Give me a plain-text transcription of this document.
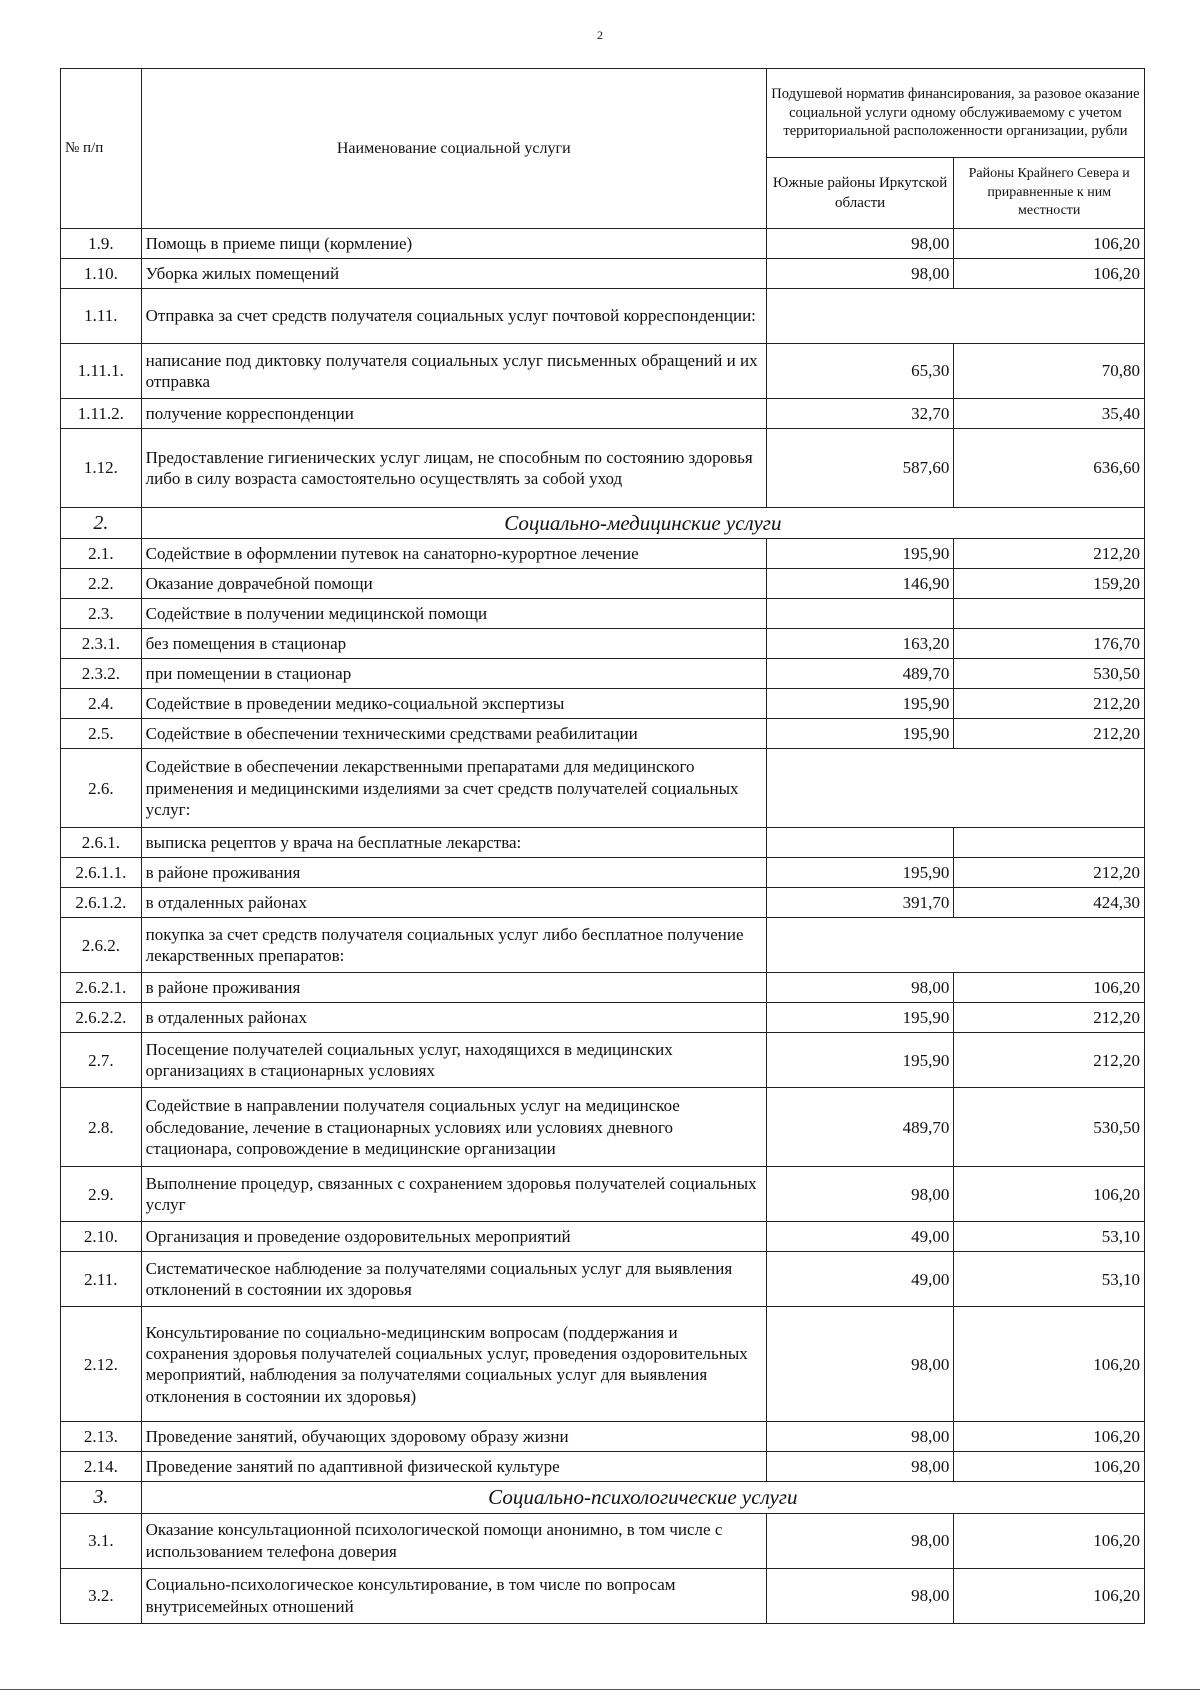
2
№ п/п	Наименование социальной услуги	Подушевой норматив финансирования, за разовое оказание социальной услуги одному обслуживаемому с учетом территориальной расположенности организации, рубли	
		Южные районы Иркутской области	Районы Крайнего Севера и приравненные к ним местности
1.9.	Помощь в приеме пищи (кормление)	98,00	106,20
1.10.	Уборка жилых помещений	98,00	106,20
1.11.	Отправка за счет средств получателя социальных услуг почтовой корреспонденции:		
1.11.1.	написание под диктовку получателя социальных услуг письменных обращений и их отправка	65,30	70,80
1.11.2.	получение корреспонденции	32,70	35,40
1.12.	Предоставление гигиенических услуг лицам, не способным по состоянию здоровья либо в силу возраста самостоятельно осуществлять за собой уход	587,60	636,60
2.	Социально-медицинские услуги		
2.1.	Содействие в оформлении путевок на санаторно-курортное лечение	195,90	212,20
2.2.	Оказание доврачебной помощи	146,90	159,20
2.3.	Содействие в получении медицинской помощи		
2.3.1.	без помещения в стационар	163,20	176,70
2.3.2.	при помещении в стационар	489,70	530,50
2.4.	Содействие в проведении медико-социальной экспертизы	195,90	212,20
2.5.	Содействие в обеспечении техническими средствами реабилитации	195,90	212,20
2.6.	Содействие в обеспечении лекарственными препаратами для медицинского применения и медицинскими изделиями за счет средств получателей социальных услуг:		
2.6.1.	выписка рецептов у врача на бесплатные лекарства:		
2.6.1.1.	в районе проживания	195,90	212,20
2.6.1.2.	в отдаленных районах	391,70	424,30
2.6.2.	покупка за счет средств получателя социальных услуг либо бесплатное получение лекарственных препаратов:		
2.6.2.1.	в районе проживания	98,00	106,20
2.6.2.2.	в отдаленных районах	195,90	212,20
2.7.	Посещение получателей социальных услуг, находящихся в медицинских организациях в стационарных условиях	195,90	212,20
2.8.	Содействие в направлении получателя социальных услуг на медицинское обследование, лечение в стационарных условиях или условиях дневного стационара, сопровождение в медицинские организации	489,70	530,50
2.9.	Выполнение процедур, связанных с сохранением здоровья получателей социальных услуг	98,00	106,20
2.10.	Организация и проведение оздоровительных мероприятий	49,00	53,10
2.11.	Систематическое наблюдение за получателями социальных услуг для выявления отклонений в состоянии их здоровья	49,00	53,10
2.12.	Консультирование по социально-медицинским вопросам (поддержания и сохранения здоровья получателей социальных услуг, проведения оздоровительных мероприятий, наблюдения за получателями социальных услуг для выявления отклонения в состоянии их здоровья)	98,00	106,20
2.13.	Проведение занятий, обучающих здоровому образу жизни	98,00	106,20
2.14.	Проведение занятий по адаптивной физической культуре	98,00	106,20
3.	Социально-психологические услуги		
3.1.	Оказание консультационной психологической помощи анонимно, в том числе с использованием телефона доверия	98,00	106,20
3.2.	Социально-психологическое консультирование, в том числе по вопросам внутрисемейных отношений	98,00	106,20
